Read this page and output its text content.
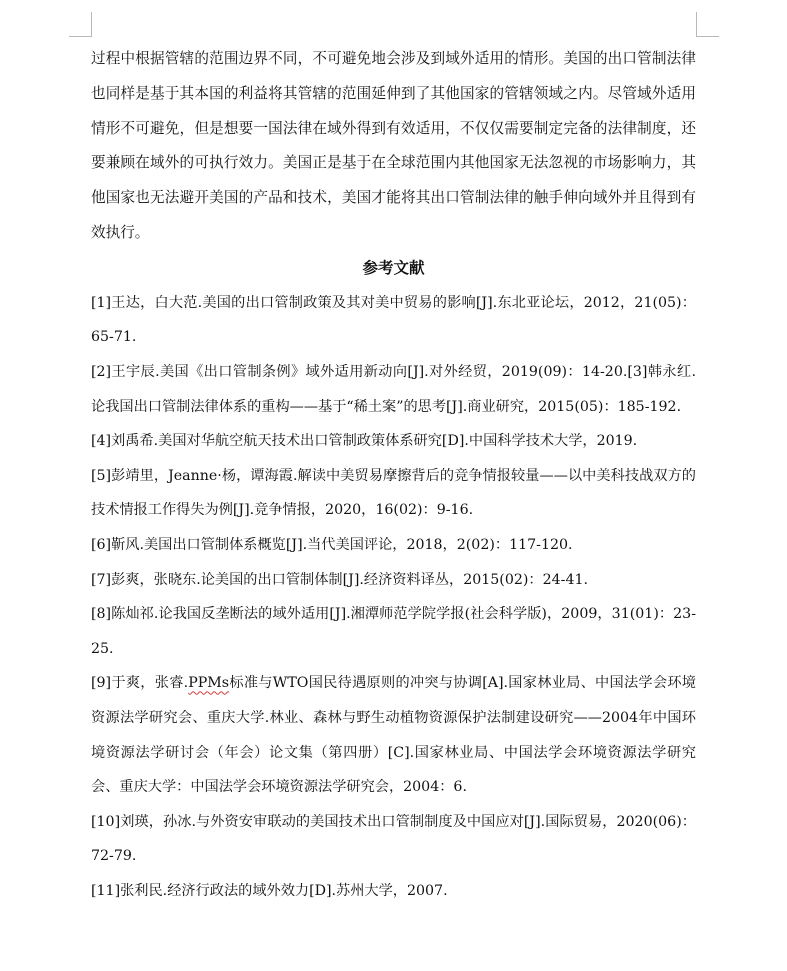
过程中根据管辖的范围边界不同，不可避免地会涉及到域外适用的情形。美国的出口管制法律也同样是基于其本国的利益将其管辖的范围延伸到了其他国家的管辖领域之内。尽管域外适用情形不可避免，但是想要一国法律在域外得到有效适用，不仅仅需要制定完备的法律制度，还要兼顾在域外的可执行效力。美国正是基于在全球范围内其他国家无法忽视的市场影响力，其他国家也无法避开美国的产品和技术，美国才能将其出口管制法律的触手伸向域外并且得到有效执行。

参考文献

[1]王达，白大范.美国的出口管制政策及其对美中贸易的影响[J].东北亚论坛，2012，21(05)：65-71.

[2]王宇辰.美国《出口管制条例》域外适用新动向[J].对外经贸，2019(09)：14-20.[3]韩永红.论我国出口管制法律体系的重构——基于“稀土案”的思考[J].商业研究，2015(05)：185-192.

[4]刘禹希.美国对华航空航天技术出口管制政策体系研究[D].中国科学技术大学，2019.

[5]彭靖里，Jeanne·杨，谭海霞.解读中美贸易摩擦背后的竞争情报较量——以中美科技战双方的技术情报工作得失为例[J].竞争情报，2020，16(02)：9-16.

[6]靳风.美国出口管制体系概览[J].当代美国评论，2018，2(02)：117-120.

[7]彭爽，张晓东.论美国的出口管制体制[J].经济资料译丛，2015(02)：24-41.

[8]陈灿祁.论我国反垄断法的域外适用[J].湘潭师范学院学报(社会科学版)，2009，31(01)：23-25.

[9]于爽，张睿.PPMs标准与WTO国民待遇原则的冲突与协调[A].国家林业局、中国法学会环境资源法学研究会、重庆大学.林业、森林与野生动植物资源保护法制建设研究——2004年中国环境资源法学研讨会（年会）论文集（第四册）[C].国家林业局、中国法学会环境资源法学研究会、重庆大学：中国法学会环境资源法学研究会，2004：6.

[10]刘瑛，孙冰.与外资安审联动的美国技术出口管制制度及中国应对[J].国际贸易，2020(06)：72-79.

[11]张利民.经济行政法的域外效力[D].苏州大学，2007.
